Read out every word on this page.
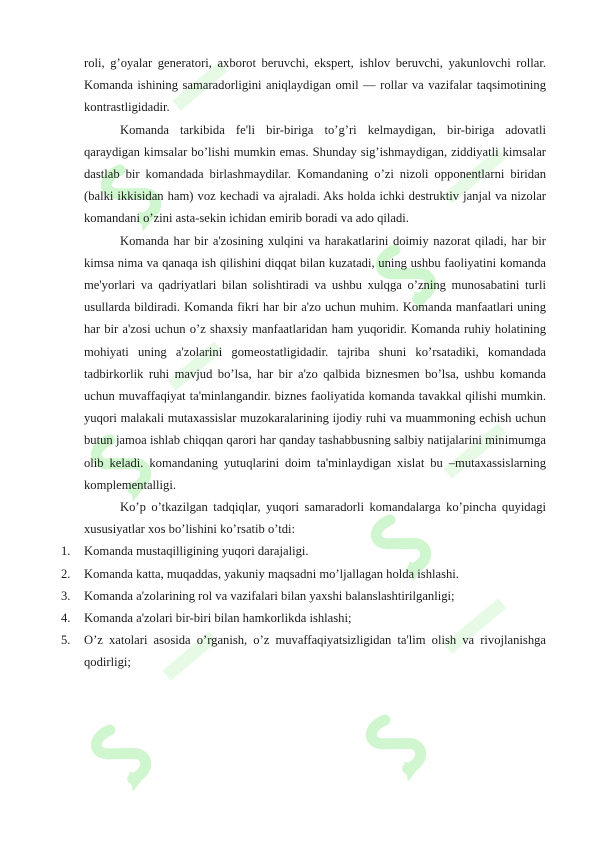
roli, g’oyalar generatori, axborot beruvchi, ekspert, ishlov beruvchi, yakunlovchi rollar. Komanda ishining samaradorligini aniqlaydigan omil — rollar va vazifalar taqsimotining kontrastligidadir.

Komanda tarkibida fe'li bir-biriga to’g’ri kelmaydigan, bir-biriga adovatli qaraydigan kimsalar bo’lishi mumkin emas. Shunday sig’ishmaydigan, ziddiyatli kimsalar dastlab bir komandada birlashmaydilar. Komandaning o’zi nizoli opponentlarni biridan (balki ikkisidan ham) voz kechadi va ajraladi. Aks holda ichki destruktiv janjal va nizolar komandani o’zini asta-sekin ichidan emirib boradi va ado qiladi.

Komanda har bir a'zosining xulqini va harakatlarini doimiy nazorat qiladi, har bir kimsa nima va qanaqa ish qilishini diqqat bilan kuzatadi, uning ushbu faoliyatini komanda me'yorlari va qadriyatlari bilan solishtiradi va ushbu xulqga o’zning munosabatini turli usullarda bildiradi. Komanda fikri har bir a'zo uchun muhim. Komanda manfaatlari uning har bir a'zosi uchun o’z shaxsiy manfaatlaridan ham yuqoridir. Komanda ruhiy holatining mohiyati uning a'zolarini gomeostatligidadir. tajriba shuni ko’rsatadiki, komandada tadbirkorlik ruhi mavjud bo’lsa, har bir a'zo qalbida biznesmen bo’lsa, ushbu komanda uchun muvaffaqiyat ta'minlangandir. biznes faoliyatida komanda tavakkal qilishi mumkin. yuqori malakali mutaxassislar muzokaralarining ijodiy ruhi va muammoning echish uchun butun jamoa ishlab chiqqan qarori har qanday tashabbusning salbiy natijalarini minimumga olib keladi. komandaning yutuqlarini doim ta'minlaydigan xislat bu –mutaxassislarning komplementalligi.

Ko’p o’tkazilgan tadqiqlar, yuqori samaradorli komandalarga ko’pincha quyidagi xususiyatlar xos bo’lishini ko’rsatib o’tdi:

1.	Komanda mustaqilligining yuqori darajaligi.
2.	Komanda katta, muqaddas, yakuniy maqsadni mo’ljallagan holda ishlashi.
3.	Komanda a'zolarining rol va vazifalari bilan yaxshi balanslashtirilganligi;
4.	Komanda a'zolari bir-biri bilan hamkorlikda ishlashi;
5.	O’z xatolari asosida o’rganish, o’z muvaffaqiyatsizligidan ta'lim olish va rivojlanishga qodirligi;
